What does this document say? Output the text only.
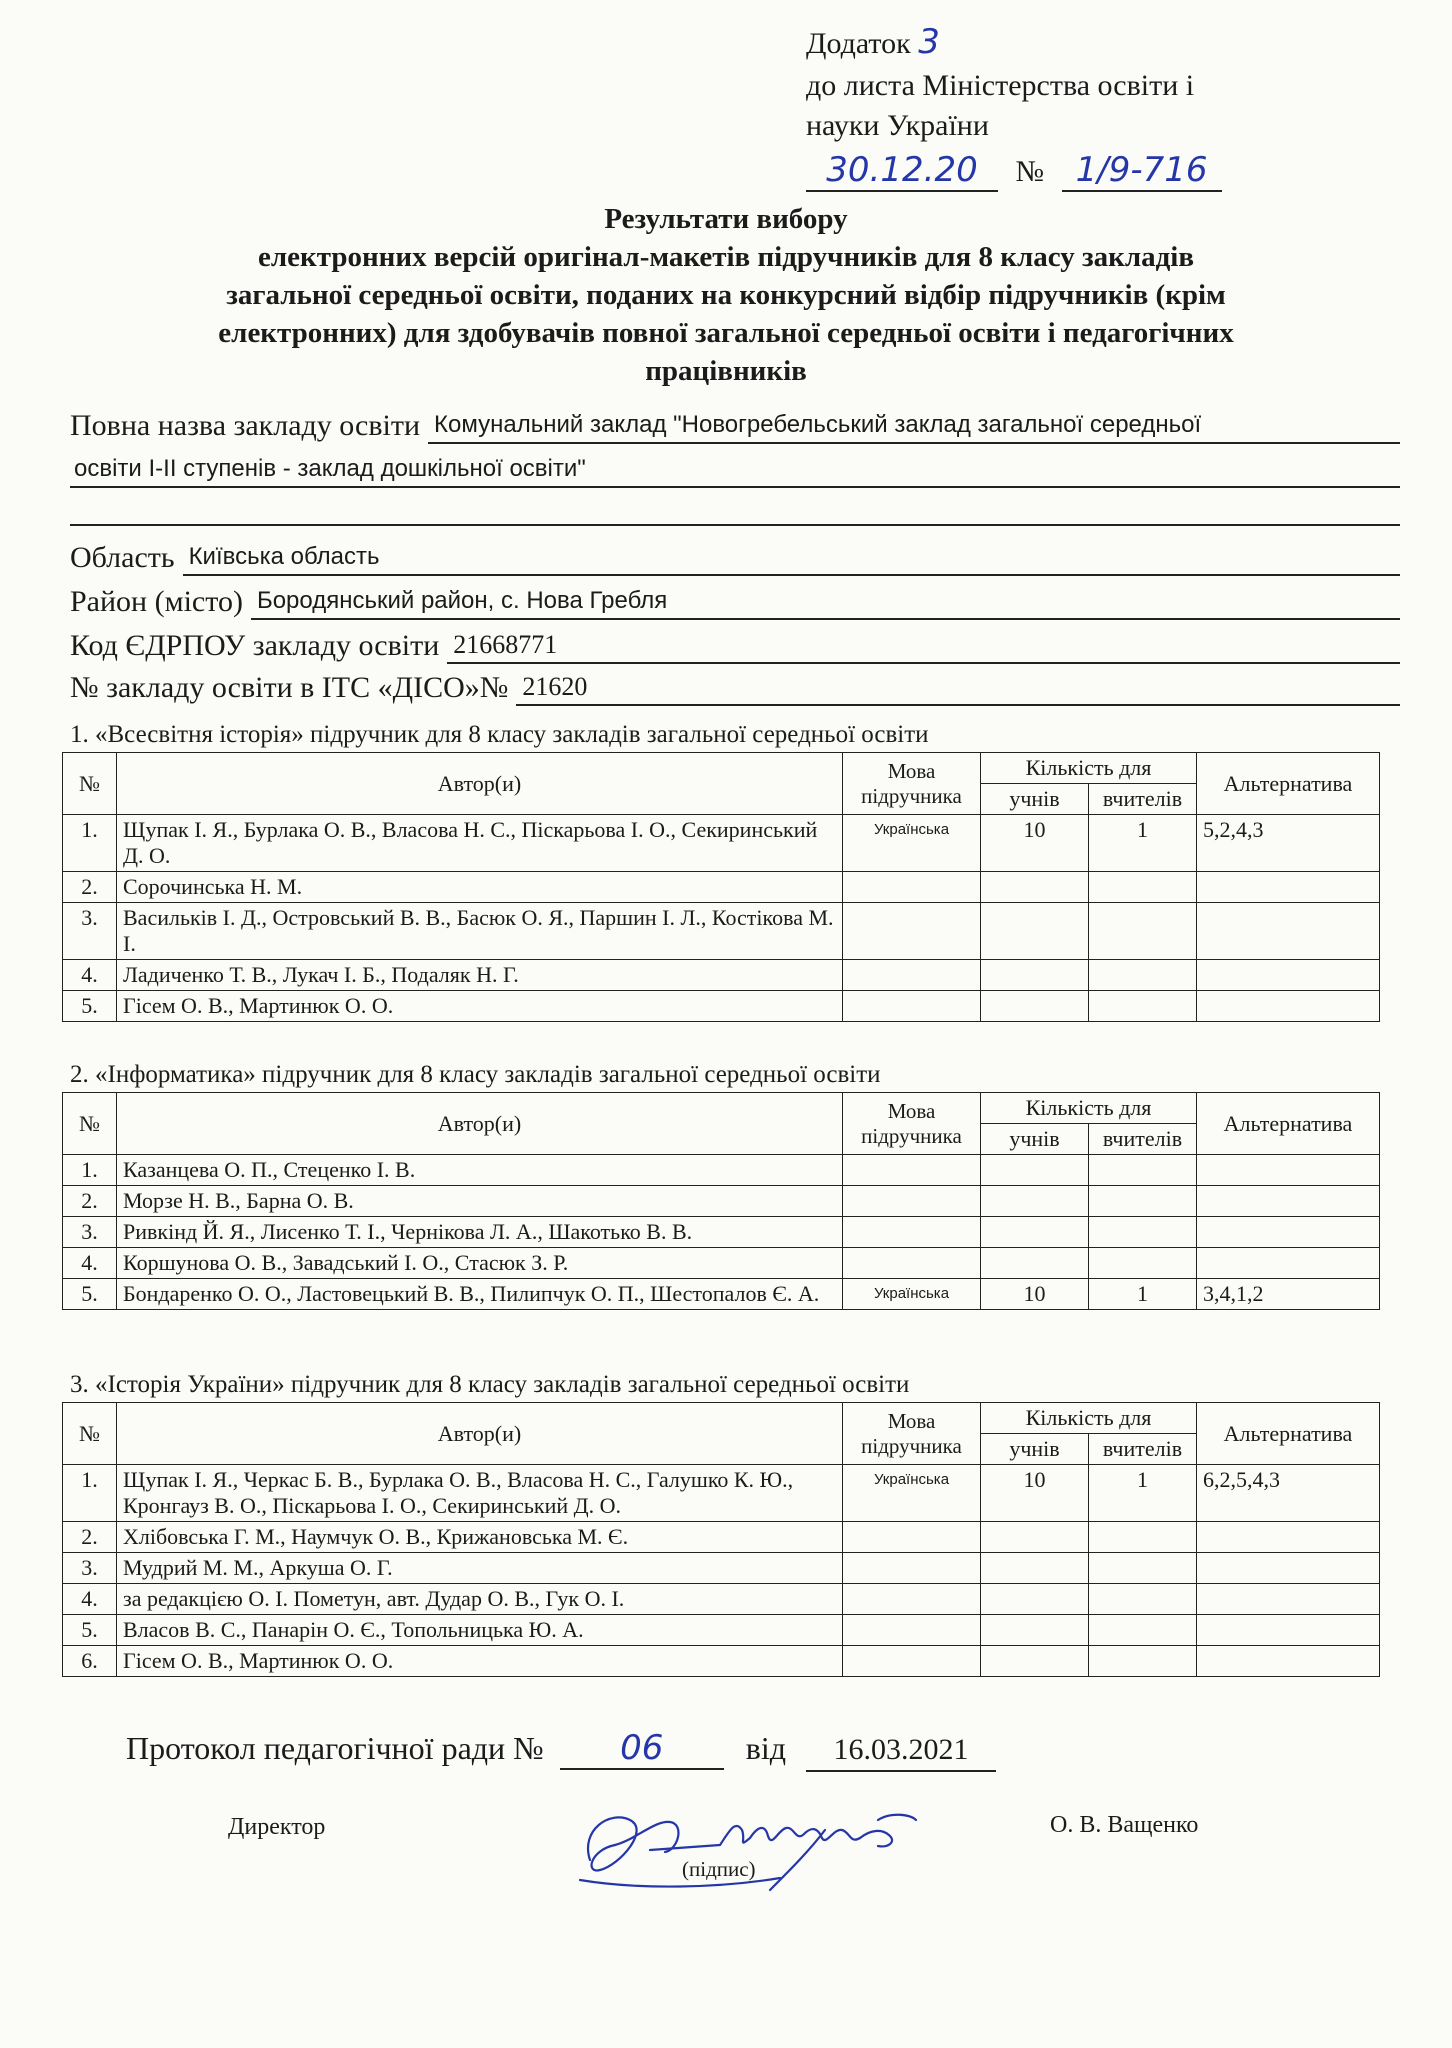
Додаток 3
до листа Міністерства освіти і
науки України
30.12.20 № 1/9-716
Результати вибору
електронних версій оригінал-макетів підручників для 8 класу закладів
загальної середньої освіти, поданих на конкурсний відбір підручників (крім
електронних) для здобувачів повної загальної середньої освіти і педагогічних
працівників
Повна назва закладу освіти Комунальний заклад "Новогребельський заклад загальної середньої
освіти І-ІІ ступенів - заклад дошкільної освіти"
Область Київська область
Район (місто) Бородянський район, с. Нова Гребля
Код ЄДРПОУ закладу освіти 21668771
№ закладу освіти в ІТС «ДІСО»№ 21620
1. «Всесвітня історія» підручник для 8 класу закладів загальної середньої освіти
№	Автор(и)	Мова підручника	Кількість для		Альтернатива
			учнів	вчителів	
1.	Щупак І. Я., Бурлака О. В., Власова Н. С., Піскарьова І. О., Секиринський Д. О.	Українська	10	1	5,2,4,3
2.	Сорочинська Н. М.				
3.	Васильків І. Д., Островський В. В., Басюк О. Я., Паршин І. Л., Костікова М. І.				
4.	Ладиченко Т. В., Лукач І. Б., Подаляк Н. Г.				
5.	Гісем О. В., Мартинюк О. О.				
2. «Інформатика» підручник для 8 класу закладів загальної середньої освіти
№	Автор(и)	Мова підручника	Кількість для		Альтернатива
			учнів	вчителів	
1.	Казанцева О. П., Стеценко І. В.				
2.	Морзе Н. В., Барна О. В.				
3.	Ривкінд Й. Я., Лисенко Т. І., Чернікова Л. А., Шакотько В. В.				
4.	Коршунова О. В., Завадський І. О., Стасюк З. Р.				
5.	Бондаренко О. О., Ластовецький В. В., Пилипчук О. П., Шестопалов Є. А.	Українська	10	1	3,4,1,2
3. «Історія України» підручник для 8 класу закладів загальної середньої освіти
№	Автор(и)	Мова підручника	Кількість для		Альтернатива
			учнів	вчителів	
1.	Щупак І. Я., Черкас Б. В., Бурлака О. В., Власова Н. С., Галушко К. Ю., Кронгауз В. О., Піскарьова І. О., Секиринський Д. О.	Українська	10	1	6,2,5,4,3
2.	Хлібовська Г. М., Наумчук О. В., Крижановська М. Є.				
3.	Мудрий М. М., Аркуша О. Г.				
4.	за редакцією О. І. Пометун, авт. Дудар О. В., Гук О. І.				
5.	Власов В. С., Панарін О. Є., Топольницька Ю. А.				
6.	Гісем О. В., Мартинюк О. О.				
Протокол педагогічної ради № 06	від 16.03.2021
Директор	О. В. Ващенко
(підпис)
